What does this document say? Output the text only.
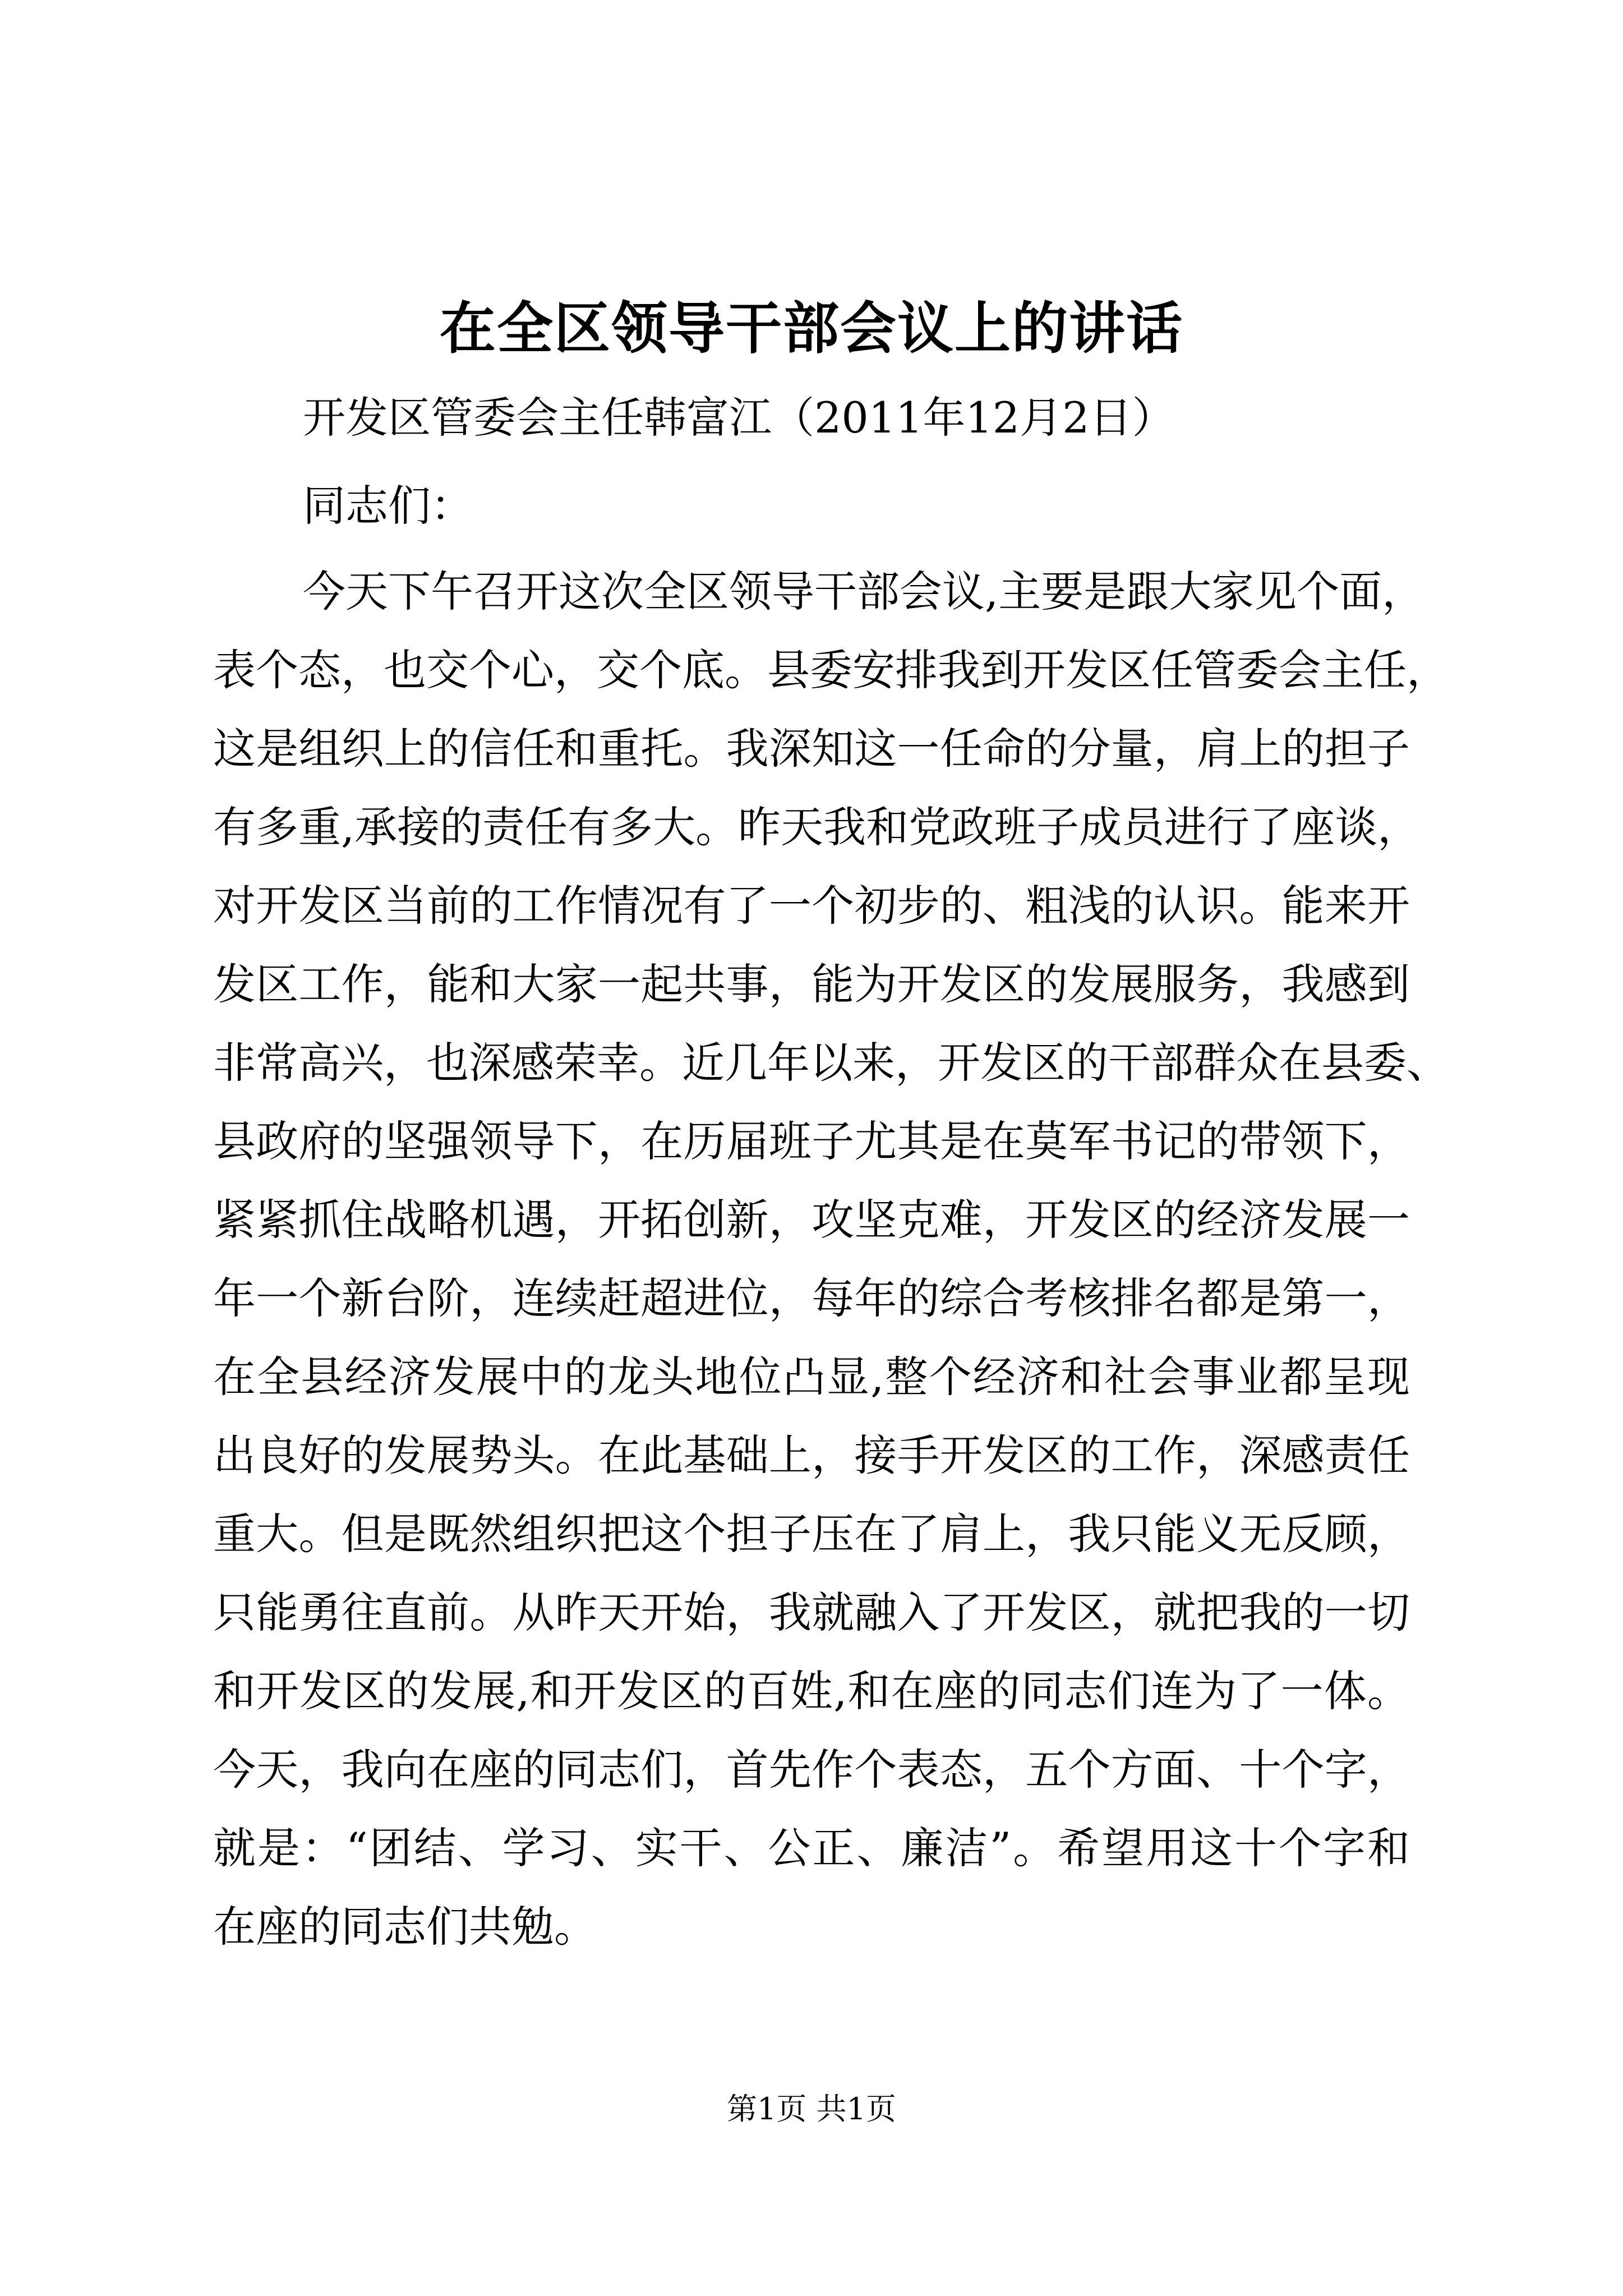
在全区领导干部会议上的讲话
开发区管委会主任韩富江（2011年12月2日）
同志们：
今天下午召开这次全区领导干部会议,主要是跟大家见个面，
表个态，也交个心，交个底。县委安排我到开发区任管委会主任，
这是组织上的信任和重托。我深知这一任命的分量，肩上的担子
有多重,承接的责任有多大。昨天我和党政班子成员进行了座谈，
对开发区当前的工作情况有了一个初步的、粗浅的认识。能来开
发区工作，能和大家一起共事，能为开发区的发展服务，我感到
非常高兴，也深感荣幸。近几年以来，开发区的干部群众在县委、
县政府的坚强领导下，在历届班子尤其是在莫军书记的带领下，
紧紧抓住战略机遇，开拓创新，攻坚克难，开发区的经济发展一
年一个新台阶，连续赶超进位，每年的综合考核排名都是第一，
在全县经济发展中的龙头地位凸显,整个经济和社会事业都呈现
出良好的发展势头。在此基础上，接手开发区的工作，深感责任
重大。但是既然组织把这个担子压在了肩上，我只能义无反顾，
只能勇往直前。从昨天开始，我就融入了开发区，就把我的一切
和开发区的发展,和开发区的百姓,和在座的同志们连为了一体。
今天，我向在座的同志们，首先作个表态，五个方面、十个字，
就是：“团结、学习、实干、公正、廉洁”。希望用这十个字和
在座的同志们共勉。
第1页 共1页
